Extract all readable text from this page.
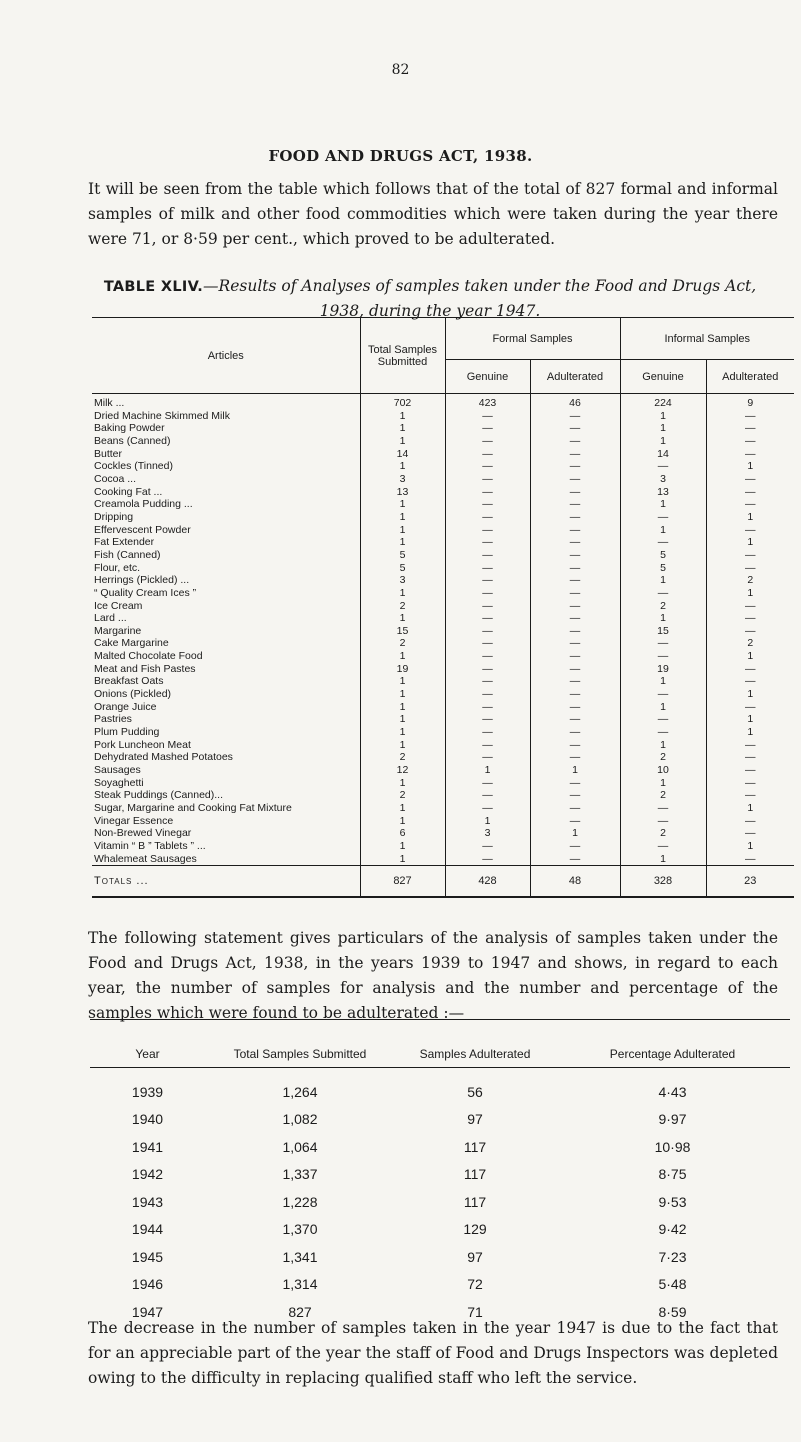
82
FOOD AND DRUGS ACT, 1938.
It will be seen from the table which follows that of the total of 827 formal and informal samples of milk and other food commodities which were taken during the year there were 71, or 8·59 per cent., which proved to be adulterated.
TABLE XLIV.—Results of Analyses of samples taken under the Food and Drugs Act, 1938, during the year 1947.
Articles	Total Samples Submitted	Formal Samples		Informal Samples	
		Genuine	Adulterated	Genuine	Adulterated
Milk ...	702	423	46	224	9
Dried Machine Skimmed Milk	1	—	—	1	—
Baking Powder	1	—	—	1	—
Beans (Canned)	1	—	—	1	—
Butter	14	—	—	14	—
Cockles (Tinned)	1	—	—	—	1
Cocoa ...	3	—	—	3	—
Cooking Fat ...	13	—	—	13	—
Creamola Pudding ...	1	—	—	1	—
Dripping	1	—	—	—	1
Effervescent Powder	1	—	—	1	—
Fat Extender	1	—	—	—	1
Fish (Canned)	5	—	—	5	—
Flour, etc.	5	—	—	5	—
Herrings (Pickled) ...	3	—	—	1	2
“ Quality Cream Ices ”	1	—	—	—	1
Ice Cream	2	—	—	2	—
Lard ...	1	—	—	1	—
Margarine	15	—	—	15	—
Cake Margarine	2	—	—	—	2
Malted Chocolate Food	1	—	—	—	1
Meat and Fish Pastes	19	—	—	19	—
Breakfast Oats	1	—	—	1	—
Onions (Pickled)	1	—	—	—	1
Orange Juice	1	—	—	1	—
Pastries	1	—	—	—	1
Plum Pudding	1	—	—	—	1
Pork Luncheon Meat	1	—	—	1	—
Dehydrated Mashed Potatoes	2	—	—	2	—
Sausages	12	1	1	10	—
Soyaghetti	1	—	—	1	—
Steak Puddings (Canned)...	2	—	—	2	—
Sugar, Margarine and Cooking Fat Mixture	1	—	—	—	1
Vinegar Essence	1	1	—	—	—
Non-Brewed Vinegar	6	3	1	2	—
Vitamin “ B ” Tablets ” ...	1	—	—	—	1
Whalemeat Sausages	1	—	—	1	—
Totals ...	827	428	48	328	23
The following statement gives particulars of the analysis of samples taken under the Food and Drugs Act, 1938, in the years 1939 to 1947 and shows, in regard to each year, the number of samples for analysis and the number and percentage of the samples which were found to be adulterated :—
Year	Total Samples Submitted	Samples Adulterated	Percentage Adulterated
1939	1,264	56	4·43
1940	1,082	97	9·97
1941	1,064	117	10·98
1942	1,337	117	8·75
1943	1,228	117	9·53
1944	1,370	129	9·42
1945	1,341	97	7·23
1946	1,314	72	5·48
1947	827	71	8·59
The decrease in the number of samples taken in the year 1947 is due to the fact that for an appreciable part of the year the staff of Food and Drugs Inspectors was depleted owing to the difficulty in replacing qualified staff who left the service.
